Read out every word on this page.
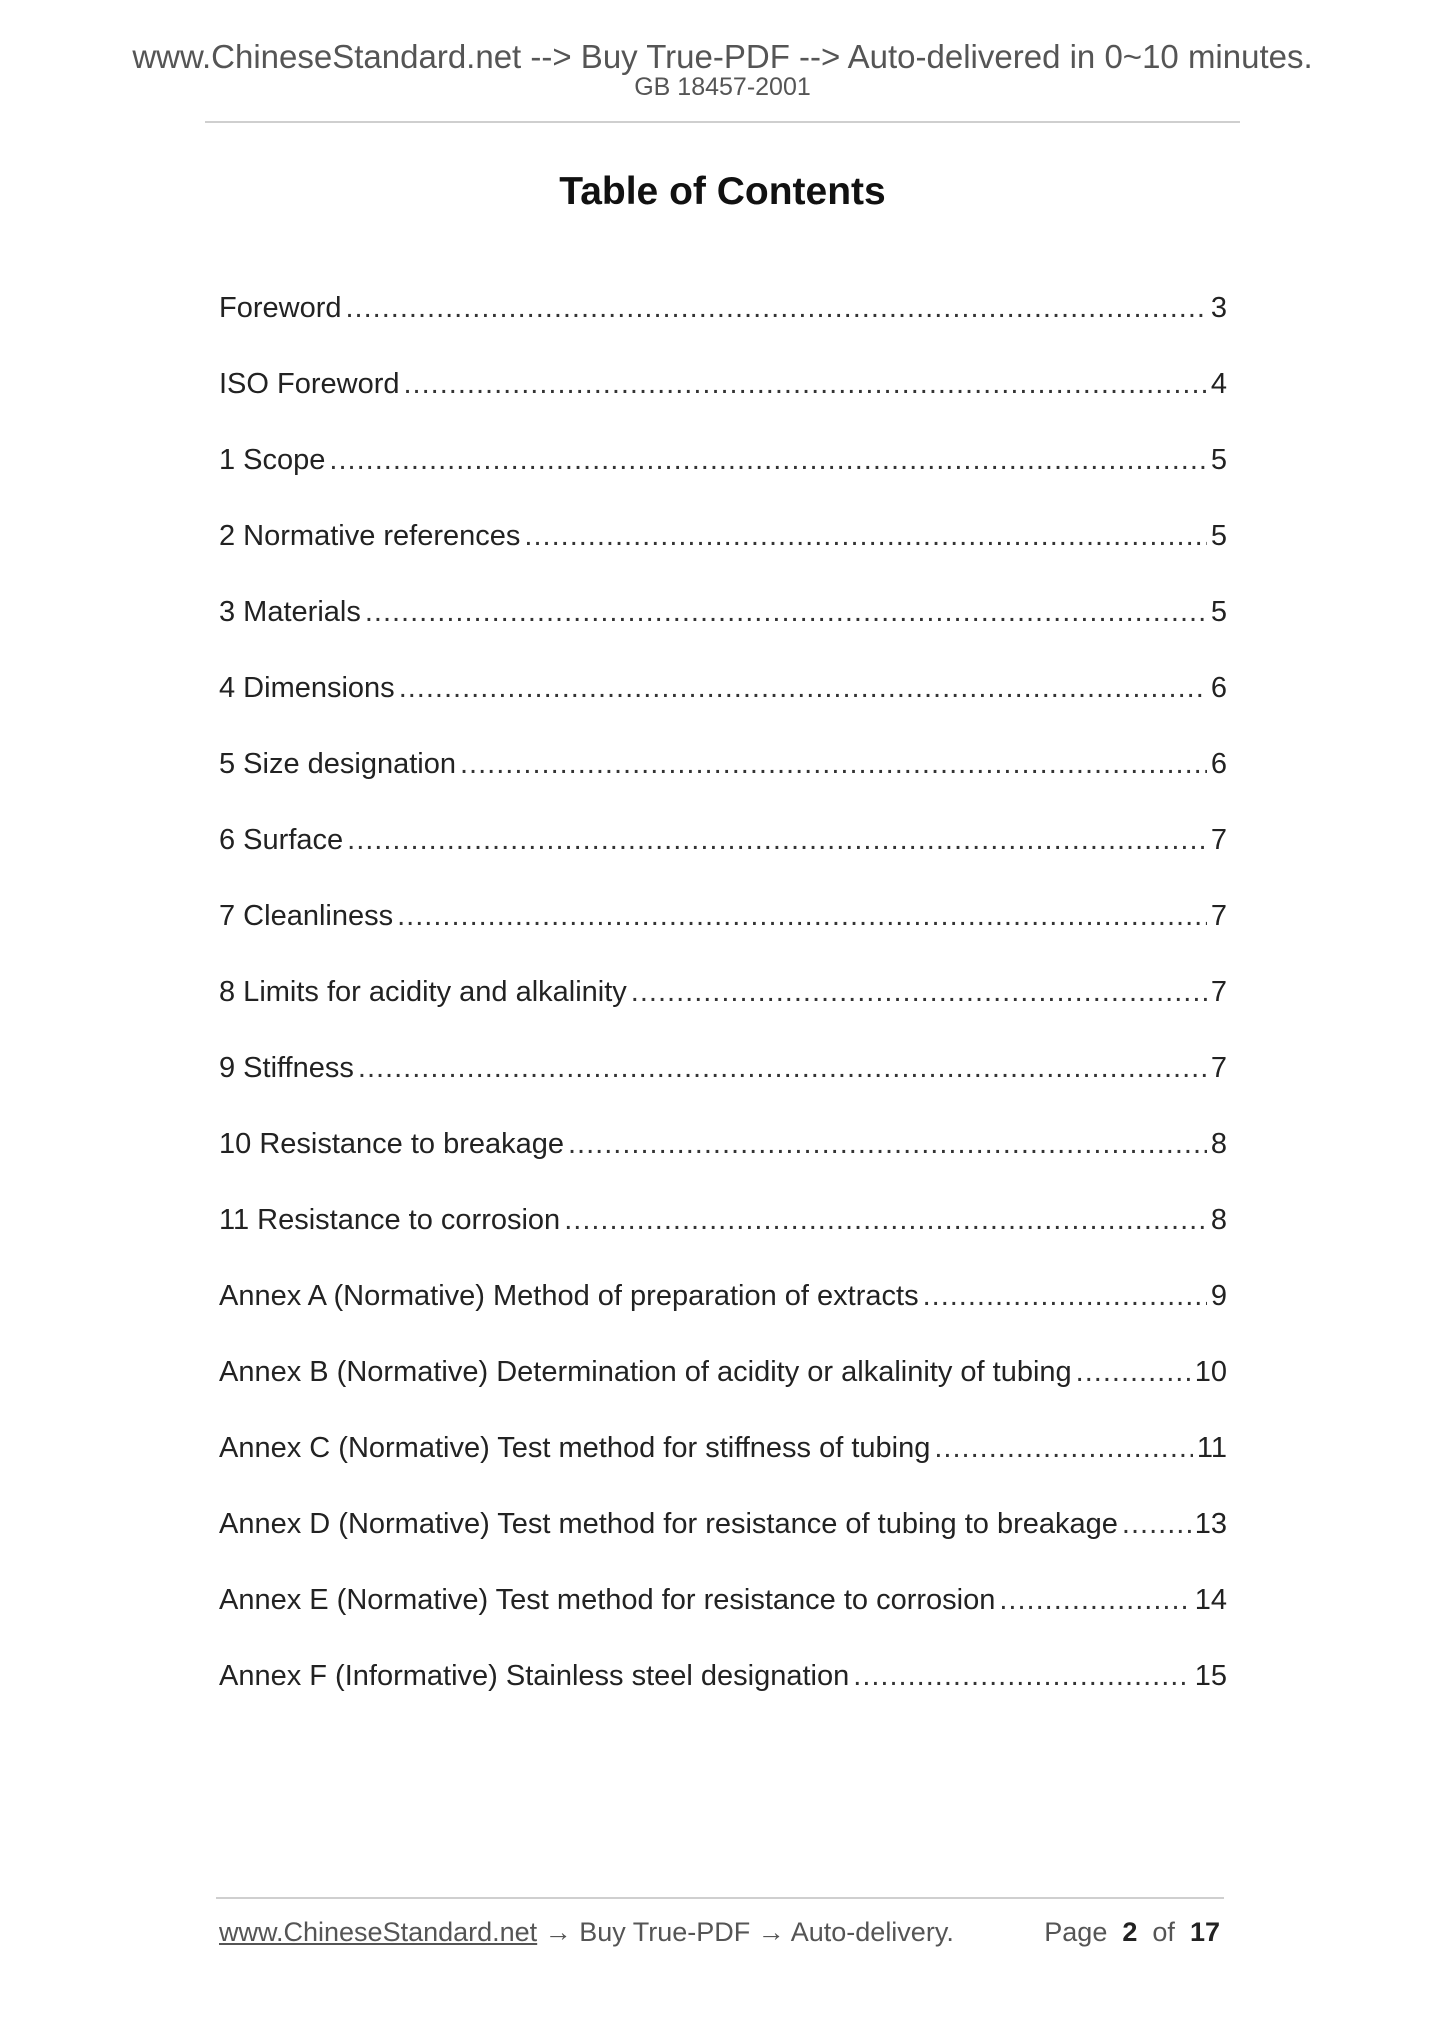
www.ChineseStandard.net --> Buy True-PDF --> Auto-delivered in 0~10 minutes.
GB 18457-2001
Table of Contents
Foreword .....	3
ISO Foreword .....	4
1 Scope .....	5
2 Normative references .....	5
3 Materials .....	5
4 Dimensions .....	6
5 Size designation .....	6
6 Surface .....	7
7 Cleanliness .....	7
8 Limits for acidity and alkalinity .....	7
9 Stiffness .....	7
10 Resistance to breakage .....	8
11 Resistance to corrosion .....	8
Annex A (Normative) Method of preparation of extracts .....	9
Annex B (Normative) Determination of acidity or alkalinity of tubing .....	10
Annex C (Normative) Test method for stiffness of tubing .....	11
Annex D (Normative) Test method for resistance of tubing to breakage .....	13
Annex E (Normative) Test method for resistance to corrosion .....	14
Annex F (Informative) Stainless steel designation .....	15
www.ChineseStandard.net → Buy True-PDF → Auto-delivery.	Page 2 of 17
